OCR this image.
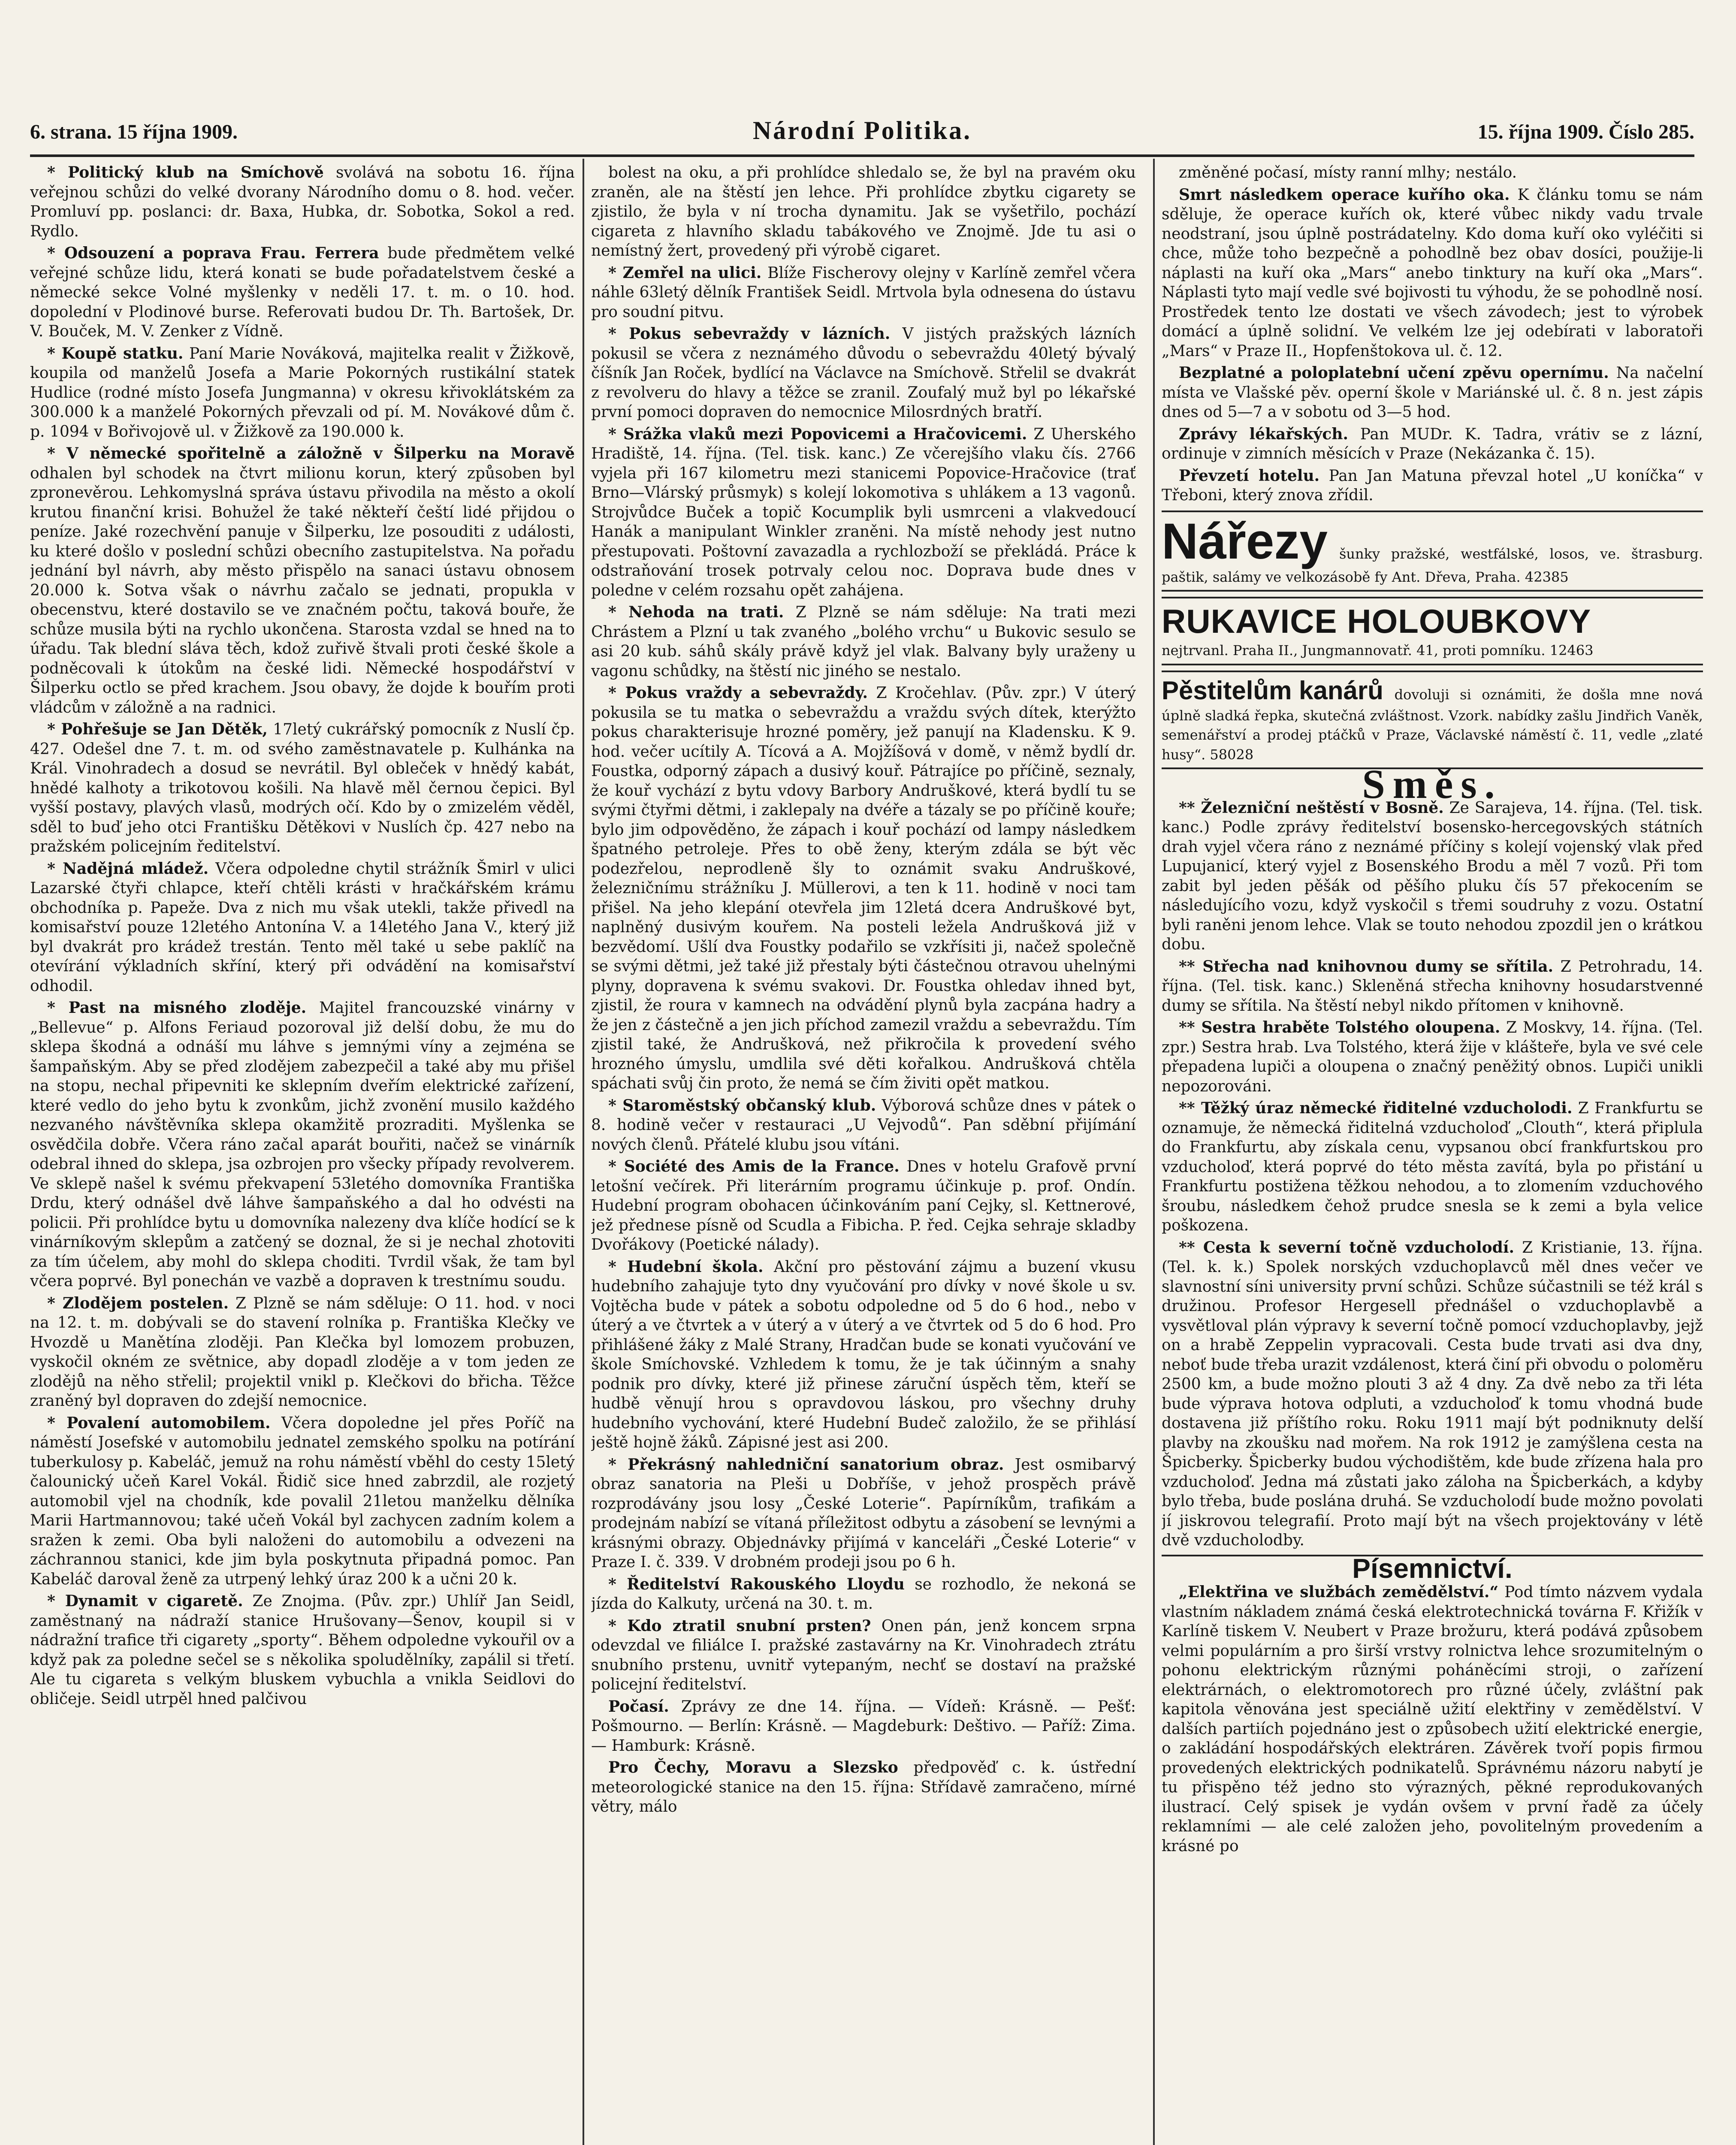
6. strana. 15 října 1909.	Národní Politika.	15. října 1909. Číslo 285.

* Politický klub na Smíchově svolává na sobotu 16. října veřejnou schůzi do velké dvorany Národního domu o 8. hod. večer. Promluví pp. poslanci: dr. Baxa, Hubka, dr. Sobotka, Sokol a red. Rydlo.

* Odsouzení a poprava Frau. Ferrera bude předmětem velké veřejné schůze lidu, která konati se bude pořadatelstvem české a německé sekce Volné myšlenky v neděli 17. t. m. o 10. hod. dopolední v Plodinové burse. Referovati budou Dr. Th. Bartošek, Dr. V. Bouček, M. V. Zenker z Vídně.

* Koupě statku. Paní Marie Nováková, majitelka realit v Žižkově, koupila od manželů Josefa a Marie Pokorných rustikální statek Hudlice (rodné místo Josefa Jungmanna) v okresu křivoklátském za 300.000 k a manželé Pokorných převzali od pí. M. Novákové dům č. p. 1094 v Bořivojově ul. v Žižkově za 190.000 k.

* V německé spořitelně a záložně v Šilperku na Moravě odhalen byl schodek na čtvrt milionu korun, který způsoben byl zpronevěrou. Lehkomyslná správa ústavu přivodila na město a okolí krutou finanční krisi. Bohužel že také někteří čeští lidé přijdou o peníze. Jaké rozechvění panuje v Šilperku, lze posouditi z události, ku které došlo v poslední schůzi obecního zastupitelstva. Na pořadu jednání byl návrh, aby město přispělo na sanaci ústavu obnosem 20.000 k. Sotva však o návrhu začalo se jednati, propukla v obecenstvu, které dostavilo se ve značném počtu, taková bouře, že schůze musila býti na rychlo ukončena. Starosta vzdal se hned na to úřadu. Tak blední sláva těch, kdož zuřivě štvali proti české škole a podněcovali k útokům na české lidi. Německé hospodářství v Šilperku octlo se před krachem. Jsou obavy, že dojde k bouřím proti vládcům v záložně a na radnici.

* Pohřešuje se Jan Dětěk, 17letý cukrářský pomocník z Nuslí čp. 427. Odešel dne 7. t. m. od svého zaměstnavatele p. Kulhánka na Král. Vinohradech a dosud se nevrátil. Byl obleček v hnědý kabát, hnědé kalhoty a trikotovou košili. Na hlavě měl černou čepici. Byl vyšší postavy, plavých vlasů, modrých očí. Kdo by o zmizelém věděl, sděl to buď jeho otci Františku Dětěkovi v Nuslích čp. 427 nebo na pražském policejním ředitelství.

* Nadějná mládež. Včera odpoledne chytil strážník Šmirl v ulici Lazarské čtyři chlapce, kteří chtěli krásti v hračkářském krámu obchodníka p. Papeže. Dva z nich mu však utekli, takže přivedl na komisařství pouze 12letého Antonína V. a 14letého Jana V., který již byl dvakrát pro krádež trestán. Tento měl také u sebe paklíč na otevírání výkladních skříní, který při odvádění na komisařství odhodil.

* Past na misného zloděje. Majitel francouzské vinárny v „Bellevue“ p. Alfons Feriaud pozoroval již delší dobu, že mu do sklepa škodná a odnáší mu láhve s jemnými víny a zejména se šampaňským. Aby se před zlodějem zabezpečil a také aby mu přišel na stopu, nechal připevniti ke sklepním dveřím elektrické zařízení, které vedlo do jeho bytu k zvonkům, jichž zvonění musilo každého nezvaného návštěvníka sklepa okamžitě prozraditi. Myšlenka se osvědčila dobře. Včera ráno začal aparát bouřiti, načež se vinárník odebral ihned do sklepa, jsa ozbrojen pro všecky případy revolverem. Ve sklepě našel k svému překvapení 53letého domovníka Františka Drdu, který odnášel dvě láhve šampaňského a dal ho odvésti na policii. Při prohlídce bytu u domovníka nalezeny dva klíče hodící se k vinárníkovým sklepům a zatčený se doznal, že si je nechal zhotoviti za tím účelem, aby mohl do sklepa choditi. Tvrdil však, že tam byl včera poprvé. Byl ponechán ve vazbě a dopraven k trestnímu soudu.

* Zlodějem postelen. Z Plzně se nám sděluje: O 11. hod. v noci na 12. t. m. dobývali se do stavení rolníka p. Františka Klečky ve Hvozdě u Manětína zloději. Pan Klečka byl lomozem probuzen, vyskočil okném ze světnice, aby dopadl zloděje a v tom jeden ze zlodějů na něho střelil; projektil vnikl p. Klečkovi do břicha. Těžce zraněný byl dopraven do zdejší nemocnice.

* Povalení automobilem. Včera dopoledne jel přes Poříč na náměstí Josefské v automobilu jednatel zemského spolku na potírání tuberkulosy p. Kabeláč, jemuž na rohu náměstí vběhl do cesty 15letý čalounický učeň Karel Vokál. Řidič sice hned zabrzdil, ale rozjetý automobil vjel na chodník, kde povalil 21letou manželku dělníka Marii Hartmannovou; také učeň Vokál byl zachycen zadním kolem a sražen k zemi. Oba byli naloženi do automobilu a odvezeni na záchrannou stanici, kde jim byla poskytnuta připadná pomoc. Pan Kabeláč daroval ženě za utrpený lehký úraz 200 k a učni 20 k.

* Dynamit v cigaretě. Ze Znojma. (Pův. zpr.) Uhlíř Jan Seidl, zaměstnaný na nádraží stanice Hrušovany—Šenov, koupil si v nádražní trafice tři cigarety „sporty“. Během odpoledne vykouřil ov a když pak za poledne sečel se s několika spoludělníky, zapálil si třetí. Ale tu cigareta s velkým bluskem vybuchla a vnikla Seidlovi do obličeje. Seidl utrpěl hned palčivou

bolest na oku, a při prohlídce shledalo se, že byl na pravém oku zraněn, ale na štěstí jen lehce. Při prohlídce zbytku cigarety se zjistilo, že byla v ní trocha dynamitu. Jak se vyšetřilo, pochází cigareta z hlavního skladu tabákového ve Znojmě. Jde tu asi o nemístný žert, provedený při výrobě cigaret.

* Zemřel na ulici. Blíže Fischerovy olejny v Karlíně zemřel včera náhle 63letý dělník František Seidl. Mrtvola byla odnesena do ústavu pro soudní pitvu.

* Pokus sebevraždy v lázních. V jistých pražských lázních pokusil se včera z neznámého důvodu o sebevraždu 40letý bývalý číšník Jan Roček, bydlící na Václavce na Smíchově. Střelil se dvakrát z revolveru do hlavy a těžce se zranil. Zoufalý muž byl po lékařské první pomoci dopraven do nemocnice Milosrdných bratří.

* Srážka vlaků mezi Popovicemi a Hračovicemi. Z Uherského Hradiště, 14. října. (Tel. tisk. kanc.) Ze včerejšího vlaku čís. 2766 vyjela při 167 kilometru mezi stanicemi Popovice-Hračovice (trať Brno—Vlárský průsmyk) s kolejí lokomotiva s uhlákem a 13 vagonů. Strojvůdce Buček a topič Kocumplik byli usmrceni a vlakvedoucí Hanák a manipulant Winkler zraněni. Na místě nehody jest nutno přestupovati. Poštovní zavazadla a rychlozboží se překládá. Práce k odstraňování trosek potrvaly celou noc. Doprava bude dnes v poledne v celém rozsahu opět zahájena.

* Nehoda na trati. Z Plzně se nám sděluje: Na trati mezi Chrástem a Plzní u tak zvaného „bolého vrchu“ u Bukovic sesulo se asi 20 kub. sáhů skály právě když jel vlak. Balvany byly uraženy u vagonu schůdky, na štěstí nic jiného se nestalo.

* Pokus vraždy a sebevraždy. Z Kročehlav. (Pův. zpr.) V úterý pokusila se tu matka o sebevraždu a vraždu svých dítek, kterýžto pokus charakterisuje hrozné poměry, jež panují na Kladensku. K 9. hod. večer ucítily A. Tícová a A. Mojžíšová v domě, v němž bydlí dr. Foustka, odporný zápach a dusivý kouř. Pátrajíce po příčině, seznaly, že kouř vychází z bytu vdovy Barbory Andruškové, která bydlí tu se svými čtyřmi dětmi, i zaklepaly na dvéře a tázaly se po příčině kouře; bylo jim odpověděno, že zápach i kouř pochází od lampy následkem špatného petroleje. Přes to obě ženy, kterým zdála se být věc podezřelou, neprodleně šly to oznámit svaku Andruškové, železničnímu strážníku J. Müllerovi, a ten k 11. hodině v noci tam přišel. Na jeho klepání otevřela jim 12letá dcera Andruškové byt, naplněný dusivým kouřem. Na posteli ležela Andrušková již v bezvědomí. Ušlí dva Foustky podařilo se vzkřísiti ji, načež společně se svými dětmi, jež také již přestaly býti částečnou otravou uhelnými plyny, dopravena k svému svakovi. Dr. Foustka ohledav ihned byt, zjistil, že roura v kamnech na odvádění plynů byla zacpána hadry a že jen z částečně a jen jich příchod zamezil vraždu a sebevraždu. Tím zjistil také, že Andrušková, než přikročila k provedení svého hrozného úmyslu, umdlila své děti kořalkou. Andrušková chtěla spáchati svůj čin proto, že nemá se čím živiti opět matkou.

* Staroměstský občanský klub. Výborová schůze dnes v pátek o 8. hodině večer v restauraci „U Vejvodů“. Pan sděbní přijímání nových členů. Přátelé klubu jsou vítáni.

* Société des Amis de la France. Dnes v hotelu Grafově první letošní večírek. Při literárním programu účinkuje p. prof. Ondín. Hudební program obohacen účinkováním paní Cejky, sl. Kettnerové, jež přednese písně od Scudla a Fibicha. P. řed. Cejka sehraje skladby Dvořákovy (Poetické nálady).

* Hudební škola. Akční pro pěstování zájmu a buzení vkusu hudebního zahajuje tyto dny vyučování pro dívky v nové škole u sv. Vojtěcha bude v pátek a sobotu odpoledne od 5 do 6 hod., nebo v úterý a ve čtvrtek a v úterý a v úterý a ve čtvrtek od 5 do 6 hod. Pro přihlášené žáky z Malé Strany, Hradčan bude se konati vyučování ve škole Smíchovské. Vzhledem k tomu, že je tak účinným a snahy podnik pro dívky, které již přinese záruční úspěch těm, kteří se hudbě věnují hrou s opravdovou láskou, pro všechny druhy hudebního vychování, které Hudební Budeč založilo, že se přihlásí ještě hojně žáků. Zápisné jest asi 200.

* Překrásný nahledniční sanatorium obraz. Jest osmibarvý obraz sanatoria na Pleši u Dobříše, v jehož prospěch právě rozprodávány jsou losy „České Loterie“. Papírníkům, trafikám a prodejnám nabízí se vítaná příležitost odbytu a zásobení se levnými a krásnými obrazy. Objednávky přijímá v kanceláři „České Loterie“ v Praze I. č. 339. V drobném prodeji jsou po 6 h.

* Ředitelství Rakouského Lloydu se rozhodlo, že nekoná se jízda do Kalkuty, určená na 30. t. m.

* Kdo ztratil snubní prsten? Onen pán, jenž koncem srpna odevzdal ve filiálce I. pražské zastavárny na Kr. Vinohradech ztrátu snubního prstenu, uvnitř vytepaným, nechť se dostaví na pražské policejní ředitelství.

Počasí. Zprávy ze dne 14. října. — Vídeň: Krásně. — Pešť: Pošmourno. — Berlín: Krásně. — Magdeburk: Deštivo. — Paříž: Zima. — Hamburk: Krásně.

Pro Čechy, Moravu a Slezsko předpověď c. k. ústřední meteorologické stanice na den 15. října: Střídavě zamračeno, mírné větry, málo

změněné počasí, místy ranní mlhy; nestálo.

Smrt následkem operace kuřího oka. K článku tomu se nám sděluje, že operace kuřích ok, které vůbec nikdy vadu trvale neodstraní, jsou úplně postrádatelny. Kdo doma kuří oko vyléčiti si chce, může toho bezpečně a pohodlně bez obav dosíci, použije-li náplasti na kuří oka „Mars“ anebo tinktury na kuří oka „Mars“. Náplasti tyto mají vedle své bojivosti tu výhodu, že se pohodlně nosí. Prostředek tento lze dostati ve všech závodech; jest to výrobek domácí a úplně solidní. Ve velkém lze jej odebírati v laboratoři „Mars“ v Praze II., Hopfenštokova ul. č. 12.

Bezplatné a poloplatební učení zpěvu opernímu. Na načelní místa ve Vlašské pěv. operní škole v Mariánské ul. č. 8 n. jest zápis dnes od 5—7 a v sobotu od 3—5 hod.

Zprávy lékařských. Pan MUDr. K. Tadra, vrátiv se z lázní, ordinuje v zimních měsících v Praze (Nekázanka č. 15).

Převzetí hotelu. Pan Jan Matuna převzal hotel „U koníčka“ v Třeboni, který znova zřídil.

Nářezy šunky pražské, westfálské, losos, ve. štrasburg. paštik, salámy ve velkozásobě fy Ant. Dřeva, Praha. 42385
RUKAVICE HOLOUBKOVY
nejtrvanl. Praha II., Jungmannovatř. 41, proti pomníku. 12463
Pěstitelům kanárů dovoluji si oznámiti, že došla mne nová úplně sladká řepka, skutečná zvláštnost. Vzork. nabídky zašlu Jindřich Vaněk, semenářství a prodej ptáčků v Praze, Václavské náměstí č. 11, vedle „zlaté husy“. 58028
Směs.

** Železniční neštěstí v Bosně. Ze Sarajeva, 14. října. (Tel. tisk. kanc.) Podle zprávy ředitelství bosensko-hercegovských státních drah vyjel včera ráno z neznámé příčiny s kolejí vojenský vlak před Lupujanicí, který vyjel z Bosenského Brodu a měl 7 vozů. Při tom zabit byl jeden pěšák od pěšího pluku čís 57 překocením se následujícího vozu, když vyskočil s třemi soudruhy z vozu. Ostatní byli raněni jenom lehce. Vlak se touto nehodou zpozdil jen o krátkou dobu.

** Střecha nad knihovnou dumy se sřítila. Z Petrohradu, 14. října. (Tel. tisk. kanc.) Skleněná střecha knihovny hosudarstvenné dumy se sřítila. Na štěstí nebyl nikdo přítomen v knihovně.

** Sestra hraběte Tolstého oloupena. Z Moskvy, 14. října. (Tel. zpr.) Sestra hrab. Lva Tolstého, která žije v klášteře, byla ve své cele přepadena lupiči a oloupena o značný peněžitý obnos. Lupiči unikli nepozorováni.

** Těžký úraz německé řiditelné vzducholodi. Z Frankfurtu se oznamuje, že německá řiditelná vzducholoď „Clouth“, která připlula do Frankfurtu, aby získala cenu, vypsanou obcí frankfurtskou pro vzducholoď, která poprvé do této města zavítá, byla po přistání u Frankfurtu postižena těžkou nehodou, a to zlomením vzduchového šroubu, následkem čehož prudce snesla se k zemi a byla velice poškozena.

** Cesta k severní točně vzducholodí. Z Kristianie, 13. října. (Tel. k. k.) Spolek norských vzduchoplavců měl dnes večer ve slavnostní síni university první schůzi. Schůze súčastnili se též král s družinou. Profesor Hergesell přednášel o vzduchoplavbě a vysvětloval plán výpravy k severní točně pomocí vzduchoplavby, jejž on a hrabě Zeppelin vypracovali. Cesta bude trvati asi dva dny, neboť bude třeba urazit vzdálenost, která činí při obvodu o poloměru 2500 km, a bude možno plouti 3 až 4 dny. Za dvě nebo za tři léta bude výprava hotova odpluti, a vzducholoď k tomu vhodná bude dostavena již příštího roku. Roku 1911 mají být podniknuty delší plavby na zkoušku nad mořem. Na rok 1912 je zamýšlena cesta na Špicberky. Špicberky budou východištěm, kde bude zřízena hala pro vzducholoď. Jedna má zůstati jako záloha na Špicberkách, a kdyby bylo třeba, bude poslána druhá. Se vzducholodí bude možno povolati jí jiskrovou telegrafií. Proto mají být na všech projektovány v létě dvě vzducholodby.

Písemnictví.

„Elektřina ve službách zemědělství.“ Pod tímto názvem vydala vlastním nákladem známá česká elektrotechnická továrna F. Křižík v Karlíně tiskem V. Neubert v Praze brožuru, která podává způsobem velmi populárním a pro širší vrstvy rolnictva lehce srozumitelným o pohonu elektrickým různými poháněcími stroji, o zařízení elektrárnách, o elektromotorech pro různé účely, zvláštní pak kapitola věnována jest speciálně užití elektřiny v zemědělství. V dalších partiích pojednáno jest o způsobech užití elektrické energie, o zakládání hospodářských elektráren. Závěrek tvoří popis firmou provedených elektrických podnikatelů. Správnému názoru nabytí je tu přispěno též jedno sto výrazných, pěkné reprodukovaných ilustrací. Celý spisek je vydán ovšem v první řadě za účely reklamními — ale celé založen jeho, povolitelným provedením a krásné po
